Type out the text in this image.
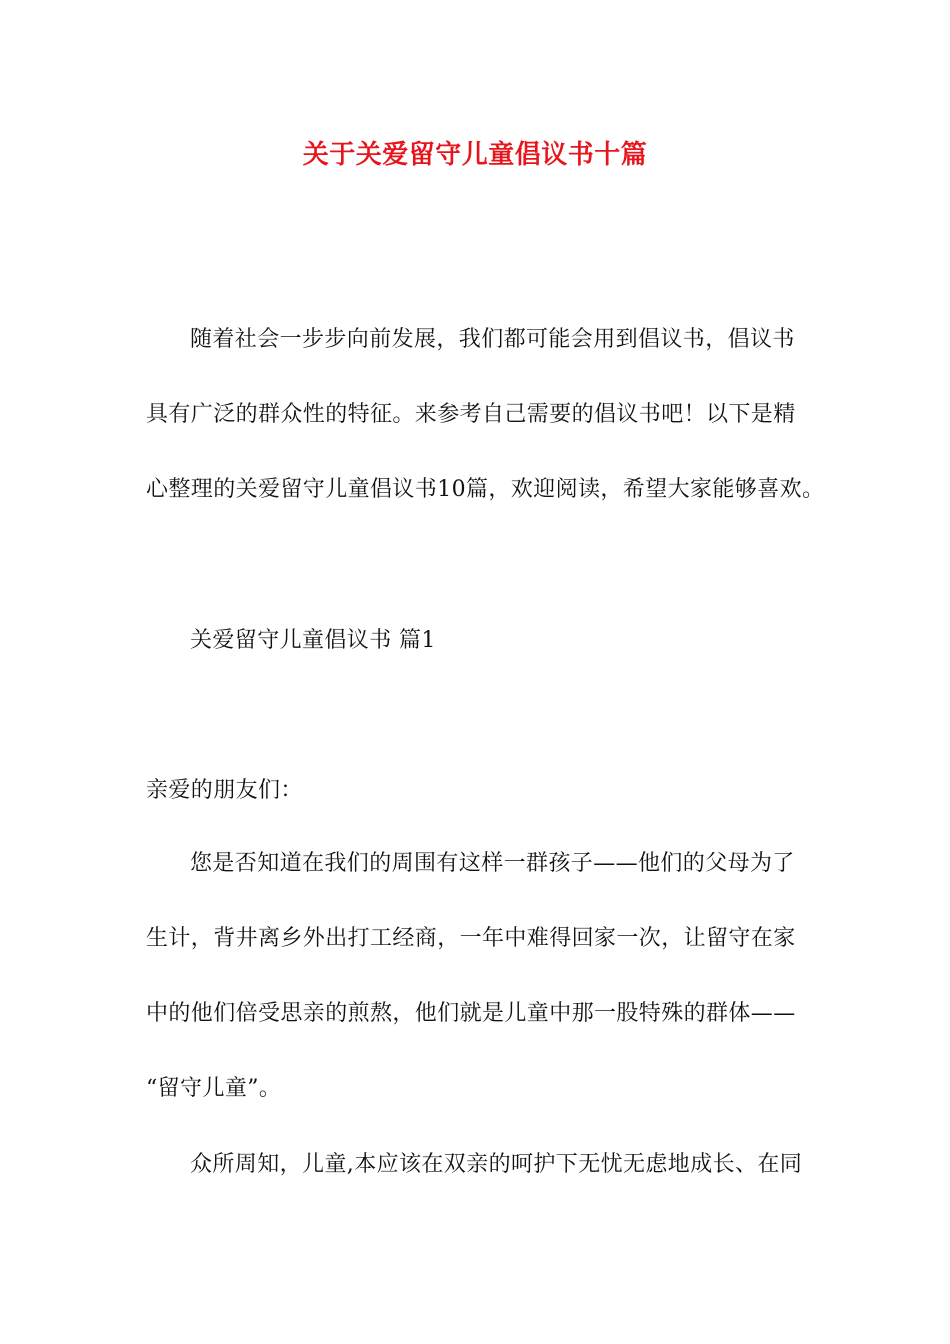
关于关爱留守儿童倡议书十篇
随着社会一步步向前发展，我们都可能会用到倡议书，倡议书
具有广泛的群众性的特征。来参考自己需要的倡议书吧！以下是精
心整理的关爱留守儿童倡议书10篇，欢迎阅读，希望大家能够喜欢。
关爱留守儿童倡议书 篇1
亲爱的朋友们：
您是否知道在我们的周围有这样一群孩子——他们的父母为了
生计，背井离乡外出打工经商，一年中难得回家一次，让留守在家
中的他们倍受思亲的煎熬，他们就是儿童中那一股特殊的群体——
“留守儿童”。
众所周知，儿童,本应该在双亲的呵护下无忧无虑地成长、在同
